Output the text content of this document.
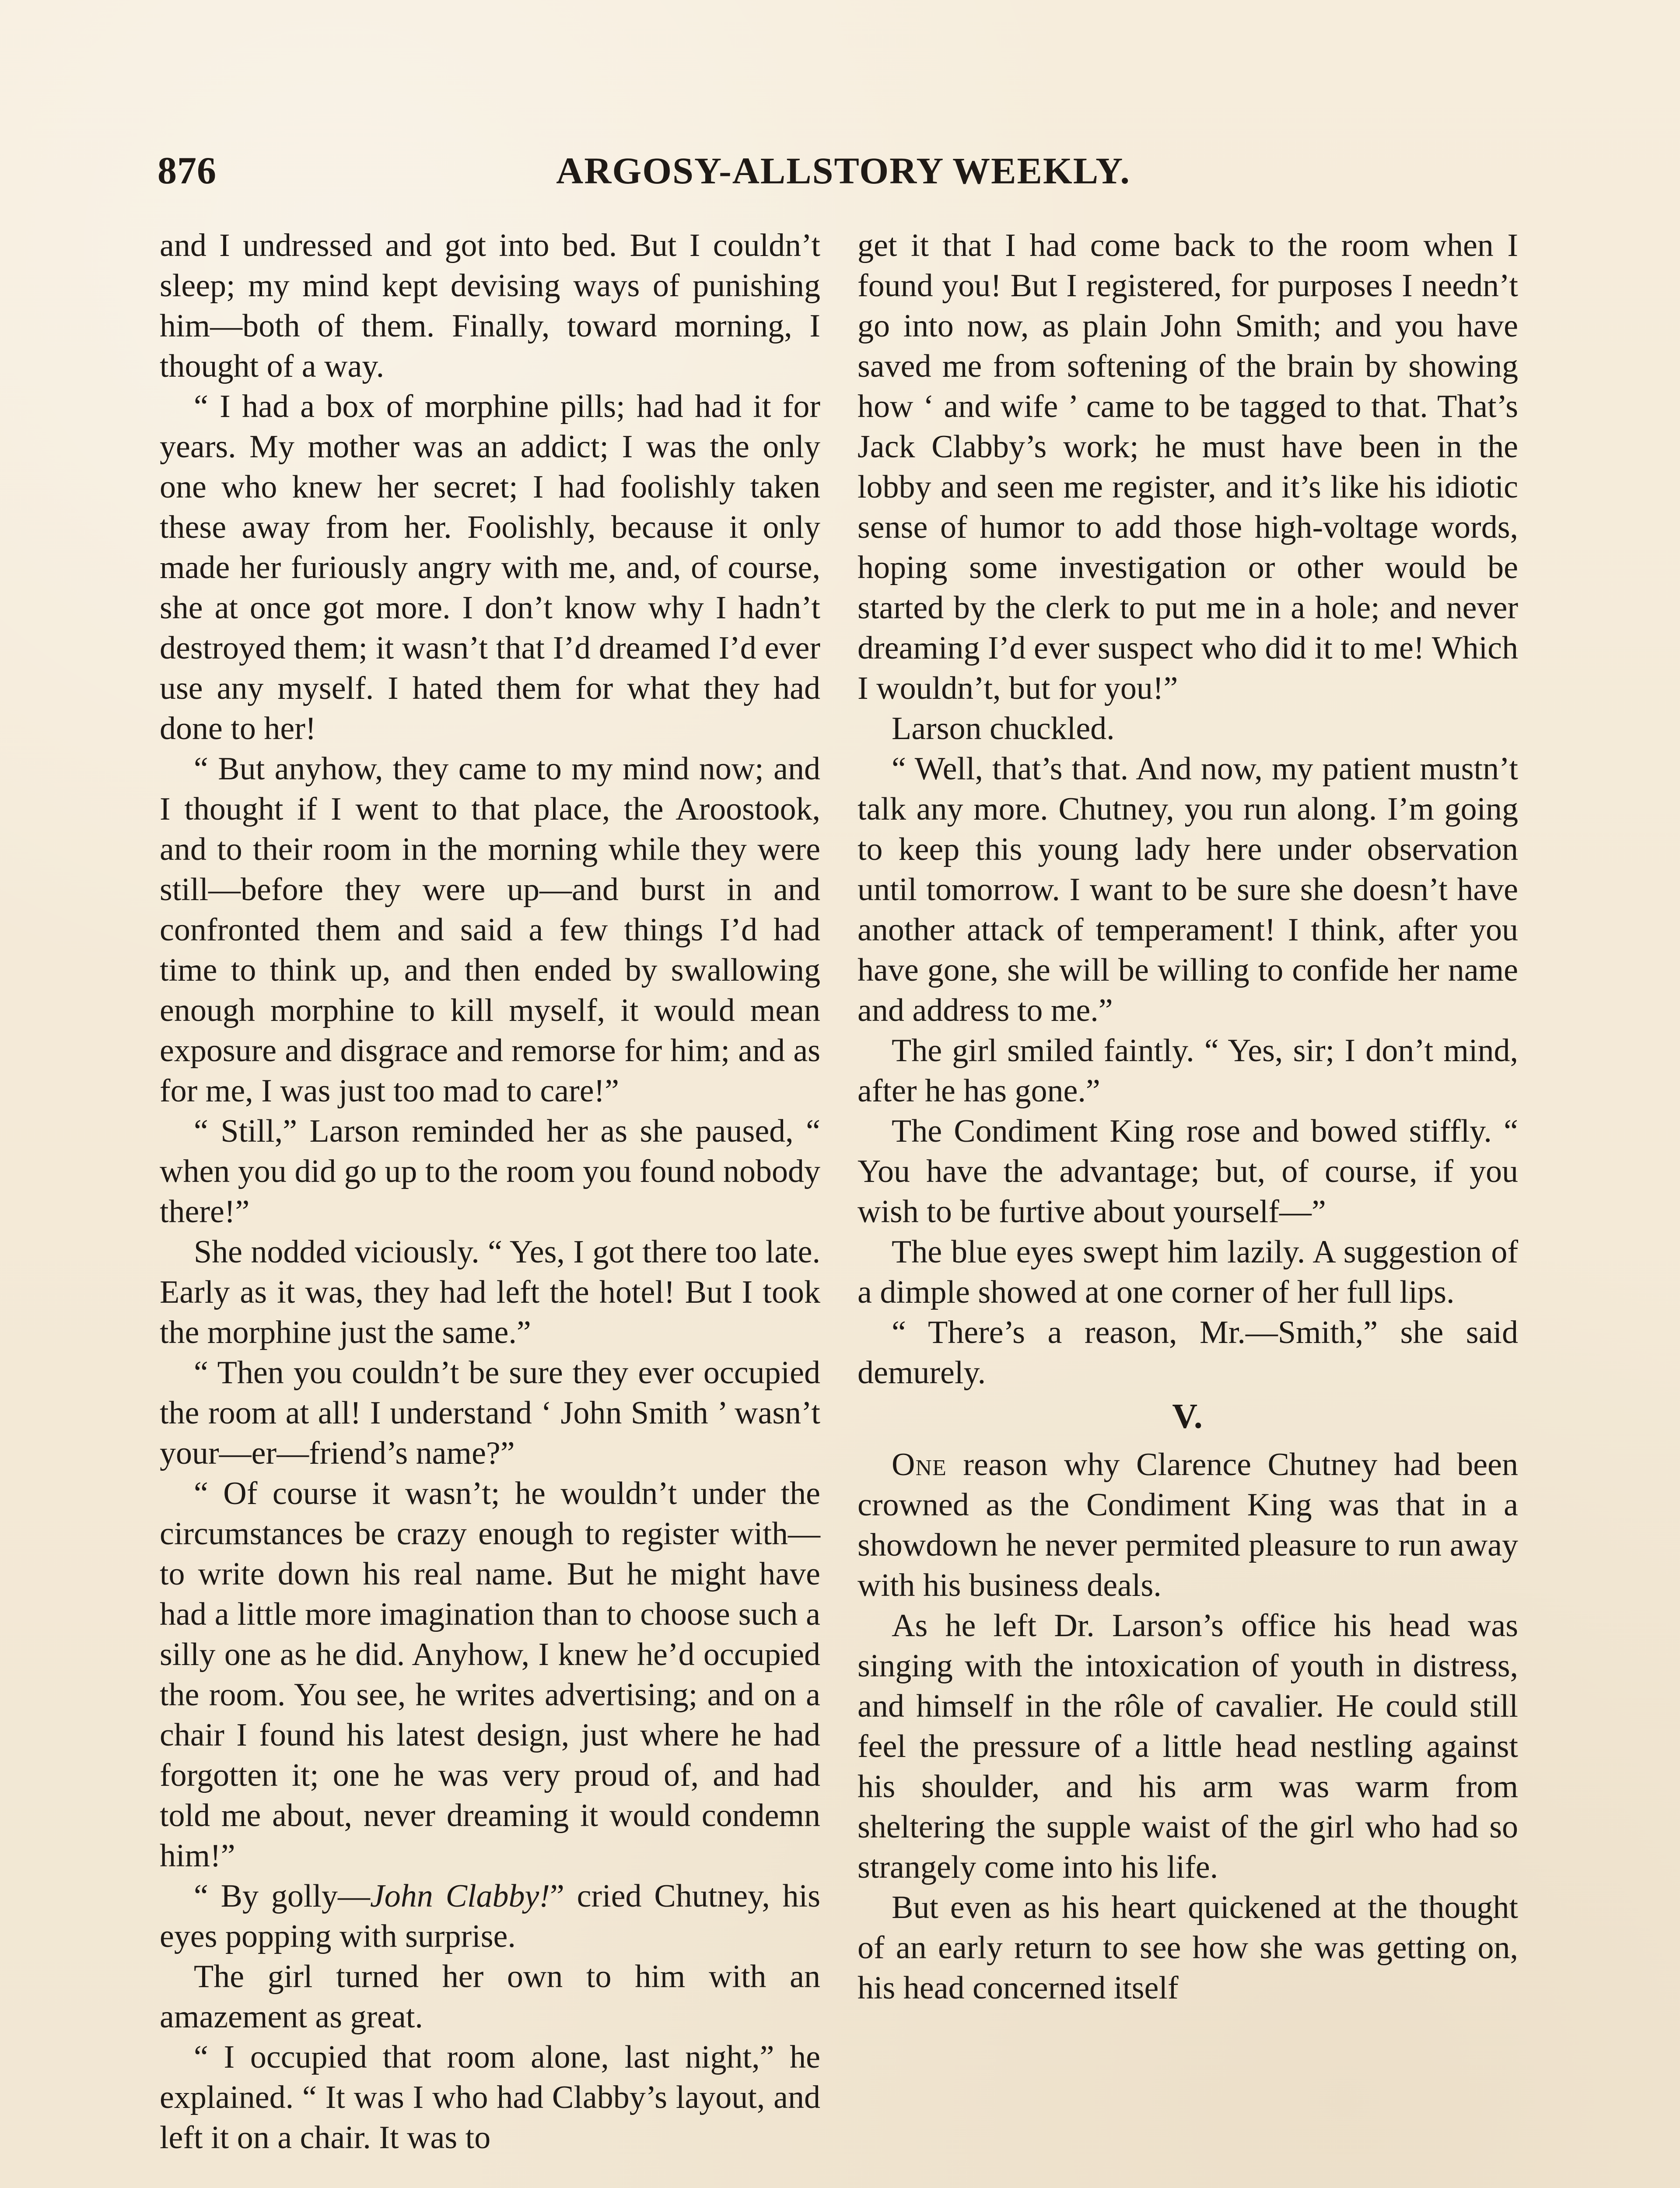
876	ARGOSY-ALLSTORY WEEKLY.

and I undressed and got into bed. But I couldn’t sleep; my mind kept devising ways of punishing him—both of them. Finally, toward morning, I thought of a way.

“ I had a box of morphine pills; had had it for years. My mother was an addict; I was the only one who knew her secret; I had foolishly taken these away from her. Foolishly, because it only made her furiously angry with me, and, of course, she at once got more. I don’t know why I hadn’t destroyed them; it wasn’t that I’d dreamed I’d ever use any myself. I hated them for what they had done to her!

“ But anyhow, they came to my mind now; and I thought if I went to that place, the Aroostook, and to their room in the morning while they were still—before they were up—and burst in and confronted them and said a few things I’d had time to think up, and then ended by swallowing enough morphine to kill myself, it would mean exposure and disgrace and remorse for him; and as for me, I was just too mad to care!”

“ Still,” Larson reminded her as she paused, “ when you did go up to the room you found nobody there!”

She nodded viciously. “ Yes, I got there too late. Early as it was, they had left the hotel! But I took the morphine just the same.”

“ Then you couldn’t be sure they ever occupied the room at all! I understand ‘ John Smith ’ wasn’t your—er—friend’s name?”

“ Of course it wasn’t; he wouldn’t under the circumstances be crazy enough to register with—to write down his real name. But he might have had a little more imagination than to choose such a silly one as he did. Anyhow, I knew he’d occupied the room. You see, he writes advertising; and on a chair I found his latest design, just where he had forgotten it; one he was very proud of, and had told me about, never dreaming it would condemn him!”

“ By golly—John Clabby!” cried Chutney, his eyes popping with surprise.

The girl turned her own to him with an amazement as great.

“ I occupied that room alone, last night,” he explained. “ It was I who had Clabby’s layout, and left it on a chair. It was to

get it that I had come back to the room when I found you! But I registered, for purposes I needn’t go into now, as plain John Smith; and you have saved me from softening of the brain by showing how ‘ and wife ’ came to be tagged to that. That’s Jack Clabby’s work; he must have been in the lobby and seen me register, and it’s like his idiotic sense of humor to add those high-voltage words, hoping some investigation or other would be started by the clerk to put me in a hole; and never dreaming I’d ever suspect who did it to me! Which I wouldn’t, but for you!”

Larson chuckled.

“ Well, that’s that. And now, my patient mustn’t talk any more. Chutney, you run along. I’m going to keep this young lady here under observation until tomorrow. I want to be sure she doesn’t have another attack of temperament! I think, after you have gone, she will be willing to confide her name and address to me.”

The girl smiled faintly. “ Yes, sir; I don’t mind, after he has gone.”

The Condiment King rose and bowed stiffly. “ You have the advantage; but, of course, if you wish to be furtive about yourself—”

The blue eyes swept him lazily. A suggestion of a dimple showed at one corner of her full lips.

“ There’s a reason, Mr.—Smith,” she said demurely.

V.

One reason why Clarence Chutney had been crowned as the Condiment King was that in a showdown he never permited pleasure to run away with his business deals.

As he left Dr. Larson’s office his head was singing with the intoxication of youth in distress, and himself in the rôle of cavalier. He could still feel the pressure of a little head nestling against his shoulder, and his arm was warm from sheltering the supple waist of the girl who had so strangely come into his life.

But even as his heart quickened at the thought of an early return to see how she was getting on, his head concerned itself
